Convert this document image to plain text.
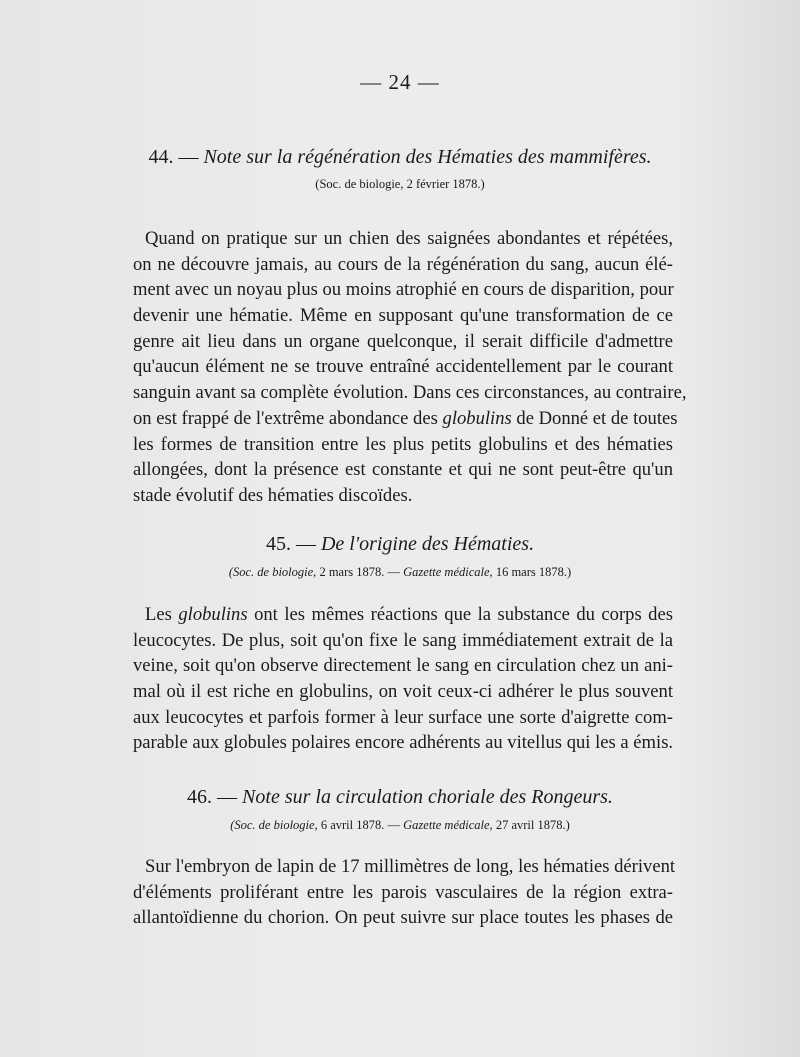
— 24 —
44. — Note sur la régénération des Hématies des mammifères.
(Soc. de biologie, 2 février 1878.)
Quand on pratique sur un chien des saignées abondantes et répétées,
on ne découvre jamais, au cours de la régénération du sang, aucun élé-
ment avec un noyau plus ou moins atrophié en cours de disparition, pour
devenir une hématie. Même en supposant qu'une transformation de ce
genre ait lieu dans un organe quelconque, il serait difficile d'admettre
qu'aucun élément ne se trouve entraîné accidentellement par le courant
sanguin avant sa complète évolution. Dans ces circonstances, au contraire,
on est frappé de l'extrême abondance des globulins de Donné et de toutes
les formes de transition entre les plus petits globulins et des hématies
allongées, dont la présence est constante et qui ne sont peut-être qu'un
stade évolutif des hématies discoïdes.
45. — De l'origine des Hématies.
(Soc. de biologie, 2 mars 1878. — Gazette médicale, 16 mars 1878.)
Les globulins ont les mêmes réactions que la substance du corps des
leucocytes. De plus, soit qu'on fixe le sang immédiatement extrait de la
veine, soit qu'on observe directement le sang en circulation chez un ani-
mal où il est riche en globulins, on voit ceux-ci adhérer le plus souvent
aux leucocytes et parfois former à leur surface une sorte d'aigrette com-
parable aux globules polaires encore adhérents au vitellus qui les a émis.
46. — Note sur la circulation choriale des Rongeurs.
(Soc. de biologie, 6 avril 1878. — Gazette médicale, 27 avril 1878.)
Sur l'embryon de lapin de 17 millimètres de long, les hématies dérivent
d'éléments proliférant entre les parois vasculaires de la région extra-
allantoïdienne du chorion. On peut suivre sur place toutes les phases de
